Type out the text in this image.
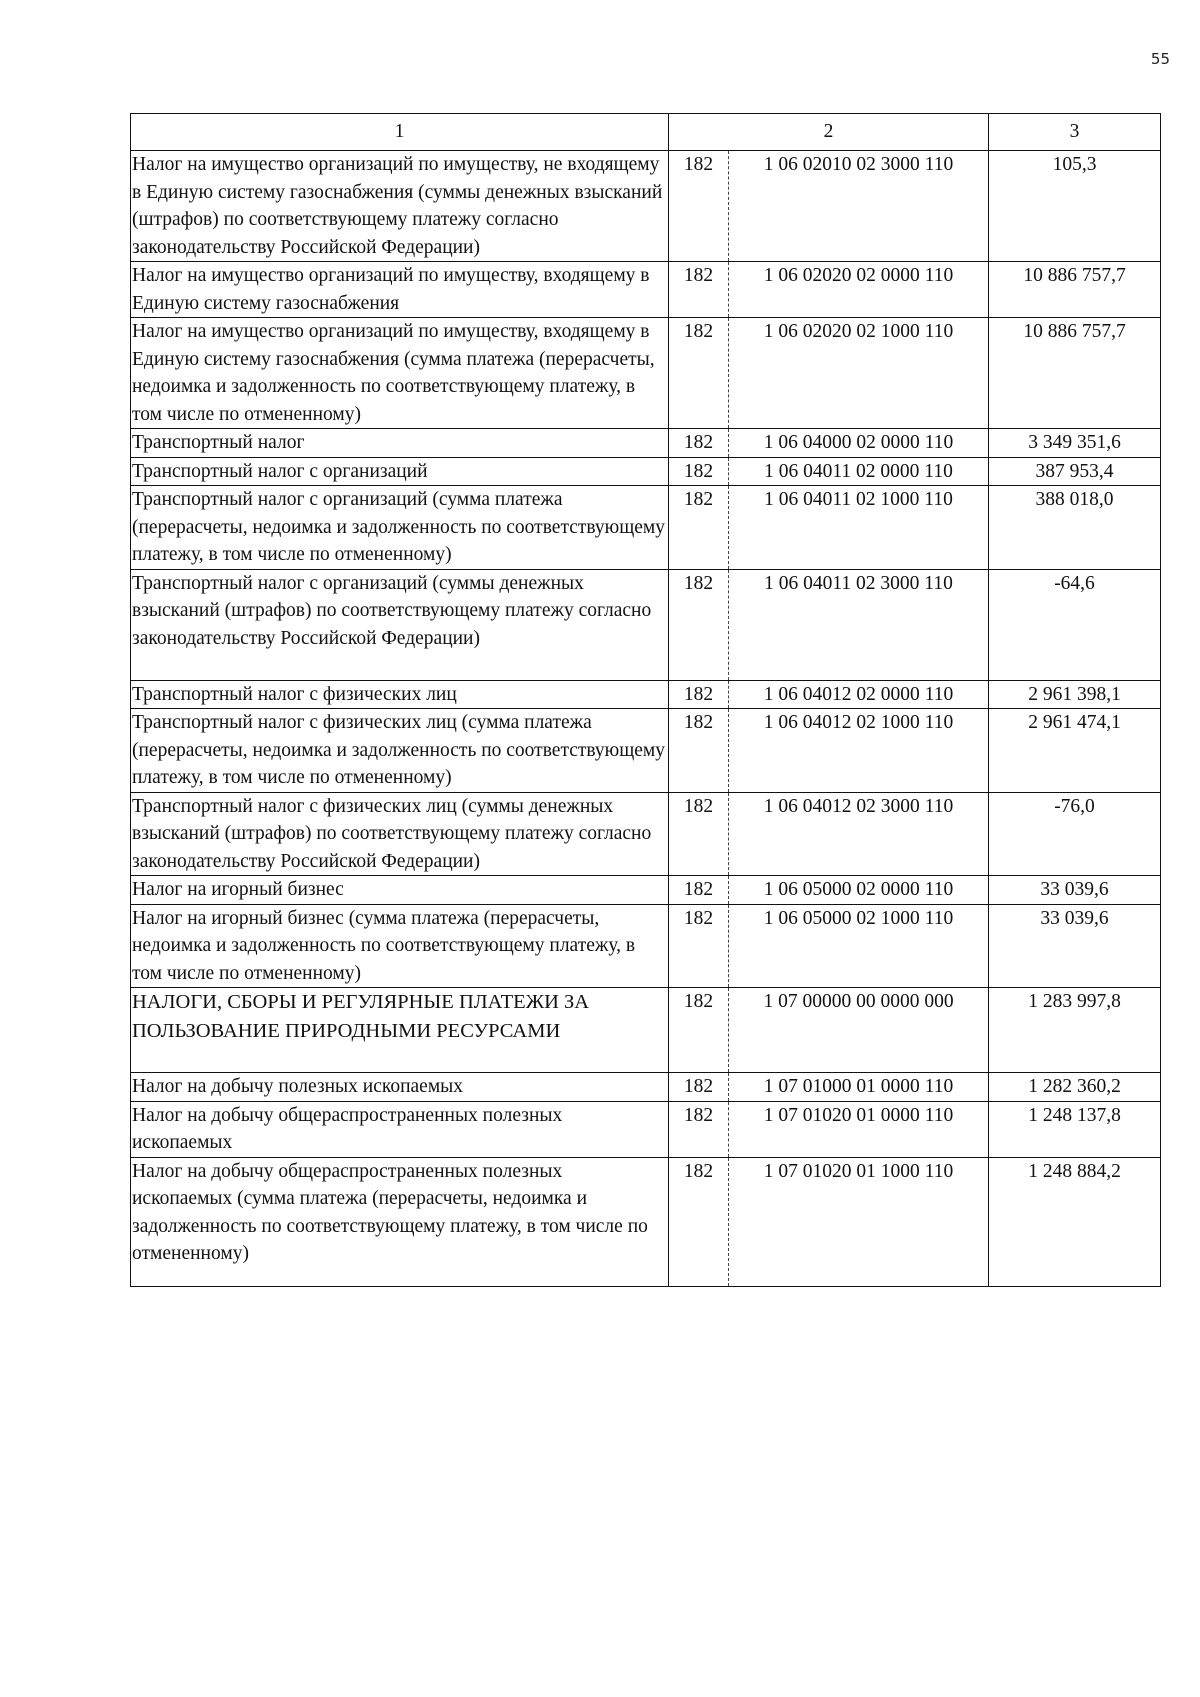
55
1	2		3
Налог на имущество организаций по имуществу, не входящему в Единую систему газоснабжения (суммы денежных взысканий (штрафов) по соответствующему платежу согласно законодательству Российской Федерации)	182	1 06 02010 02 3000 110	105,3
Налог на имущество организаций по имуществу, входящему в Единую систему газоснабжения	182	1 06 02020 02 0000 110	10 886 757,7
Налог на имущество организаций по имуществу, входящему в Единую систему газоснабжения (сумма платежа (перерасчеты, недоимка и задолженность по соответствующему платежу, в том числе по отмененному)	182	1 06 02020 02 1000 110	10 886 757,7
Транспортный налог	182	1 06 04000 02 0000 110	3 349 351,6
Транспортный налог с организаций	182	1 06 04011 02 0000 110	387 953,4
Транспортный налог с организаций (сумма платежа (перерасчеты, недоимка и задолженность по соответствующему платежу, в том числе по отмененному)	182	1 06 04011 02 1000 110	388 018,0
Транспортный налог с организаций (суммы денежных взысканий (штрафов) по соответствующему платежу согласно законодательству Российской Федерации)	182	1 06 04011 02 3000 110	-64,6
Транспортный налог с физических лиц	182	1 06 04012 02 0000 110	2 961 398,1
Транспортный налог с физических лиц (сумма платежа (перерасчеты, недоимка и задолженность по соответствующему платежу, в том числе по отмененному)	182	1 06 04012 02 1000 110	2 961 474,1
Транспортный налог с физических лиц (суммы денежных взысканий (штрафов) по соответствующему платежу согласно законодательству Российской Федерации)	182	1 06 04012 02 3000 110	-76,0
Налог на игорный бизнес	182	1 06 05000 02 0000 110	33 039,6
Налог на игорный бизнес (сумма платежа (перерасчеты, недоимка и задолженность по соответствующему платежу, в том числе по отмененному)	182	1 06 05000 02 1000 110	33 039,6
НАЛОГИ, СБОРЫ И РЕГУЛЯРНЫЕ ПЛАТЕЖИ ЗА ПОЛЬЗОВАНИЕ ПРИРОДНЫМИ РЕСУРСАМИ	182	1 07 00000 00 0000 000	1 283 997,8
Налог на добычу полезных ископаемых	182	1 07 01000 01 0000 110	1 282 360,2
Налог на добычу общераспространенных полезных ископаемых	182	1 07 01020 01 0000 110	1 248 137,8
Налог на добычу общераспространенных полезных ископаемых (сумма платежа (перерасчеты, недоимка и задолженность по соответствующему платежу, в том числе по отмененному)	182	1 07 01020 01 1000 110	1 248 884,2
